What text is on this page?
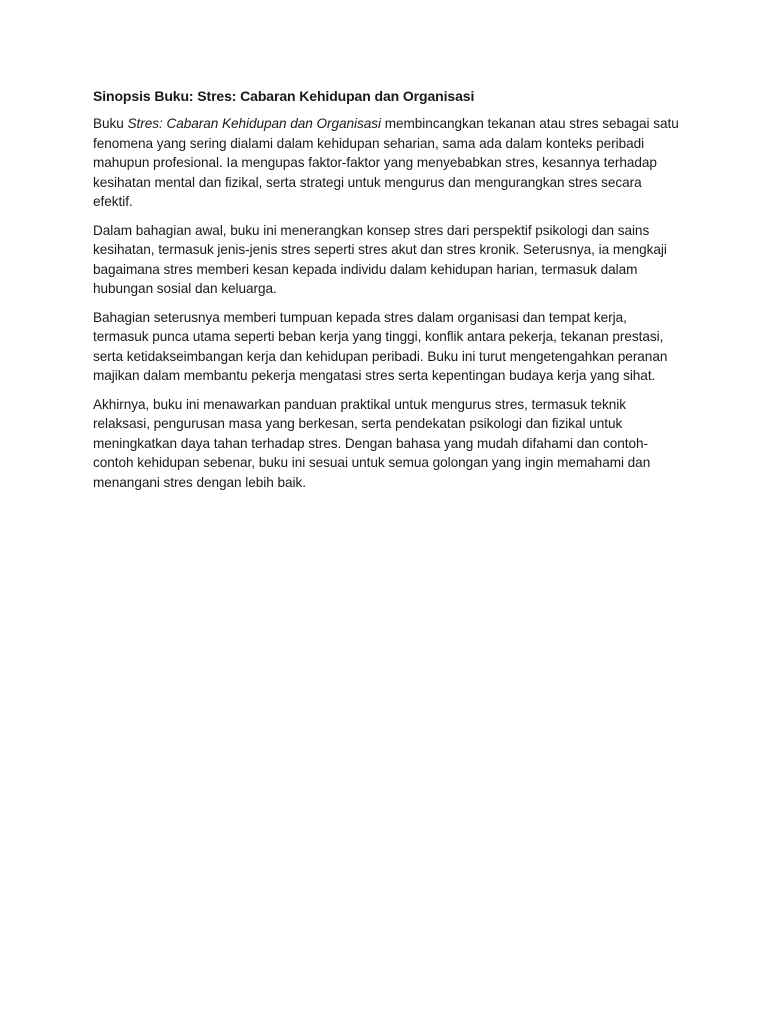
Sinopsis Buku: Stres: Cabaran Kehidupan dan Organisasi

Buku Stres: Cabaran Kehidupan dan Organisasi membincangkan tekanan atau stres sebagai satu fenomena yang sering dialami dalam kehidupan seharian, sama ada dalam konteks peribadi mahupun profesional. Ia mengupas faktor-faktor yang menyebabkan stres, kesannya terhadap kesihatan mental dan fizikal, serta strategi untuk mengurus dan mengurangkan stres secara efektif.

Dalam bahagian awal, buku ini menerangkan konsep stres dari perspektif psikologi dan sains kesihatan, termasuk jenis-jenis stres seperti stres akut dan stres kronik. Seterusnya, ia mengkaji bagaimana stres memberi kesan kepada individu dalam kehidupan harian, termasuk dalam hubungan sosial dan keluarga.

Bahagian seterusnya memberi tumpuan kepada stres dalam organisasi dan tempat kerja, termasuk punca utama seperti beban kerja yang tinggi, konflik antara pekerja, tekanan prestasi, serta ketidakseimbangan kerja dan kehidupan peribadi. Buku ini turut mengetengahkan peranan majikan dalam membantu pekerja mengatasi stres serta kepentingan budaya kerja yang sihat.

Akhirnya, buku ini menawarkan panduan praktikal untuk mengurus stres, termasuk teknik relaksasi, pengurusan masa yang berkesan, serta pendekatan psikologi dan fizikal untuk meningkatkan daya tahan terhadap stres. Dengan bahasa yang mudah difahami dan contoh-contoh kehidupan sebenar, buku ini sesuai untuk semua golongan yang ingin memahami dan menangani stres dengan lebih baik.
